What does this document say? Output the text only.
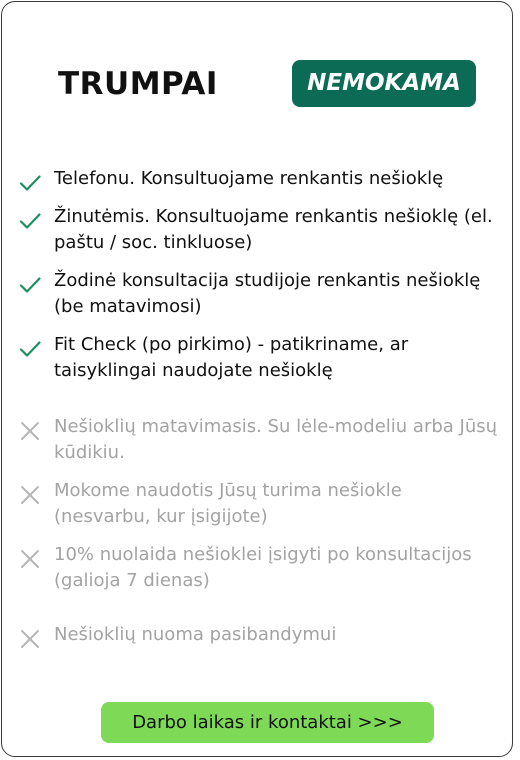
TRUMPAI	NEMOKAMA
Telefonu. Konsultuojame renkantis nešioklę
Žinutėmis. Konsultuojame renkantis nešioklę (el. paštu / soc. tinkluose)
Žodinė konsultacija studijoje renkantis nešioklę (be matavimosi)
Fit Check (po pirkimo) - patikriname, ar taisyklingai naudojate nešioklę
Nešioklių matavimasis. Su lėle-modeliu arba Jūsų kūdikiu.
Mokome naudotis Jūsų turima nešiokle (nesvarbu, kur įsigijote)
10% nuolaida nešioklei įsigyti po konsultacijos (galioja 7 dienas)
Nešioklių nuoma pasibandymui
Darbo laikas ir kontaktai >>>
